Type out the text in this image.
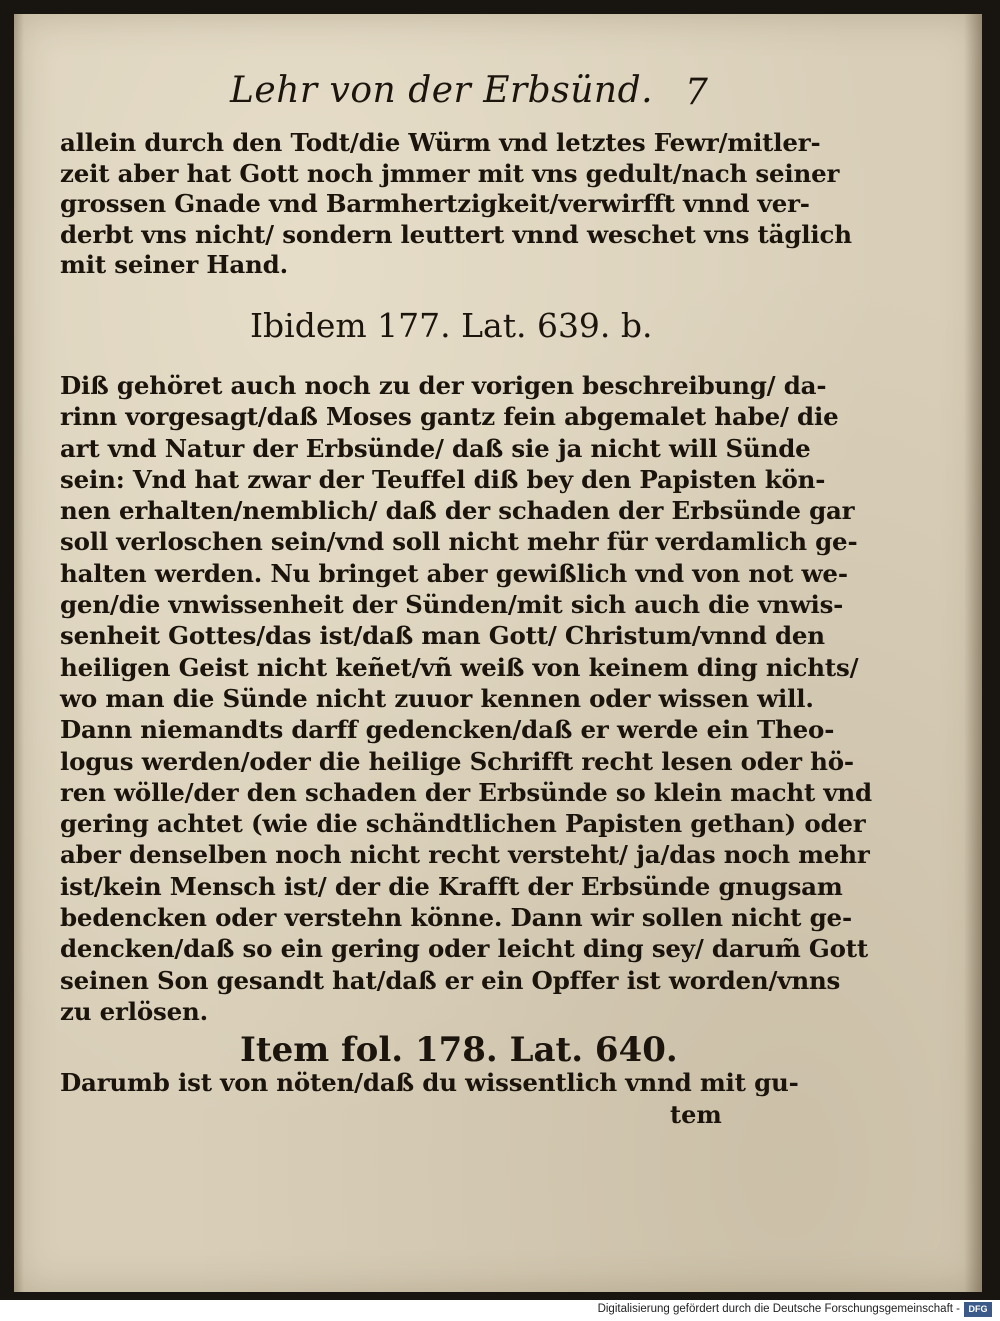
Lehr von der Erbsünd. 7
allein durch den Todt/die Würm vnd letztes Fewr/mitler-
zeit aber hat Gott noch jmmer mit vns gedult/nach seiner
grossen Gnade vnd Barmhertzigkeit/verwirfft vnnd ver-
derbt vns nicht/ sondern leuttert vnnd weschet vns täglich
mit seiner Hand.
Ibidem 177. Lat. 639. b.
Diß gehöret auch noch zu der vorigen beschreibung/ da-
rinn vorgesagt/daß Moses gantz fein abgemalet habe/ die
art vnd Natur der Erbsünde/ daß sie ja nicht will Sünde
sein: Vnd hat zwar der Teuffel diß bey den Papisten kön-
nen erhalten/nemblich/ daß der schaden der Erbsünde gar
soll verloschen sein/vnd soll nicht mehr für verdamlich ge-
halten werden. Nu bringet aber gewißlich vnd von not we-
gen/die vnwissenheit der Sünden/mit sich auch die vnwis-
senheit Gottes/das ist/daß man Gott/ Christum/vnnd den
heiligen Geist nicht keñet/vñ weiß von keinem ding nichts/
wo man die Sünde nicht zuuor kennen oder wissen will.
Dann niemandts darff gedencken/daß er werde ein Theo-
logus werden/oder die heilige Schrifft recht lesen oder hö-
ren wölle/der den schaden der Erbsünde so klein macht vnd
gering achtet (wie die schändtlichen Papisten gethan) oder
aber denselben noch nicht recht versteht/ ja/das noch mehr
ist/kein Mensch ist/ der die Krafft der Erbsünde gnugsam
bedencken oder verstehn könne. Dann wir sollen nicht ge-
dencken/daß so ein gering oder leicht ding sey/ darum̃ Gott
seinen Son gesandt hat/daß er ein Opffer ist worden/vnns
zu erlösen.
Item fol. 178. Lat. 640.
Darumb ist von nöten/daß du wissentlich vnnd mit gu-
tem
Digitalisierung gefördert durch die Deutsche Forschungsgemeinschaft - DFG
